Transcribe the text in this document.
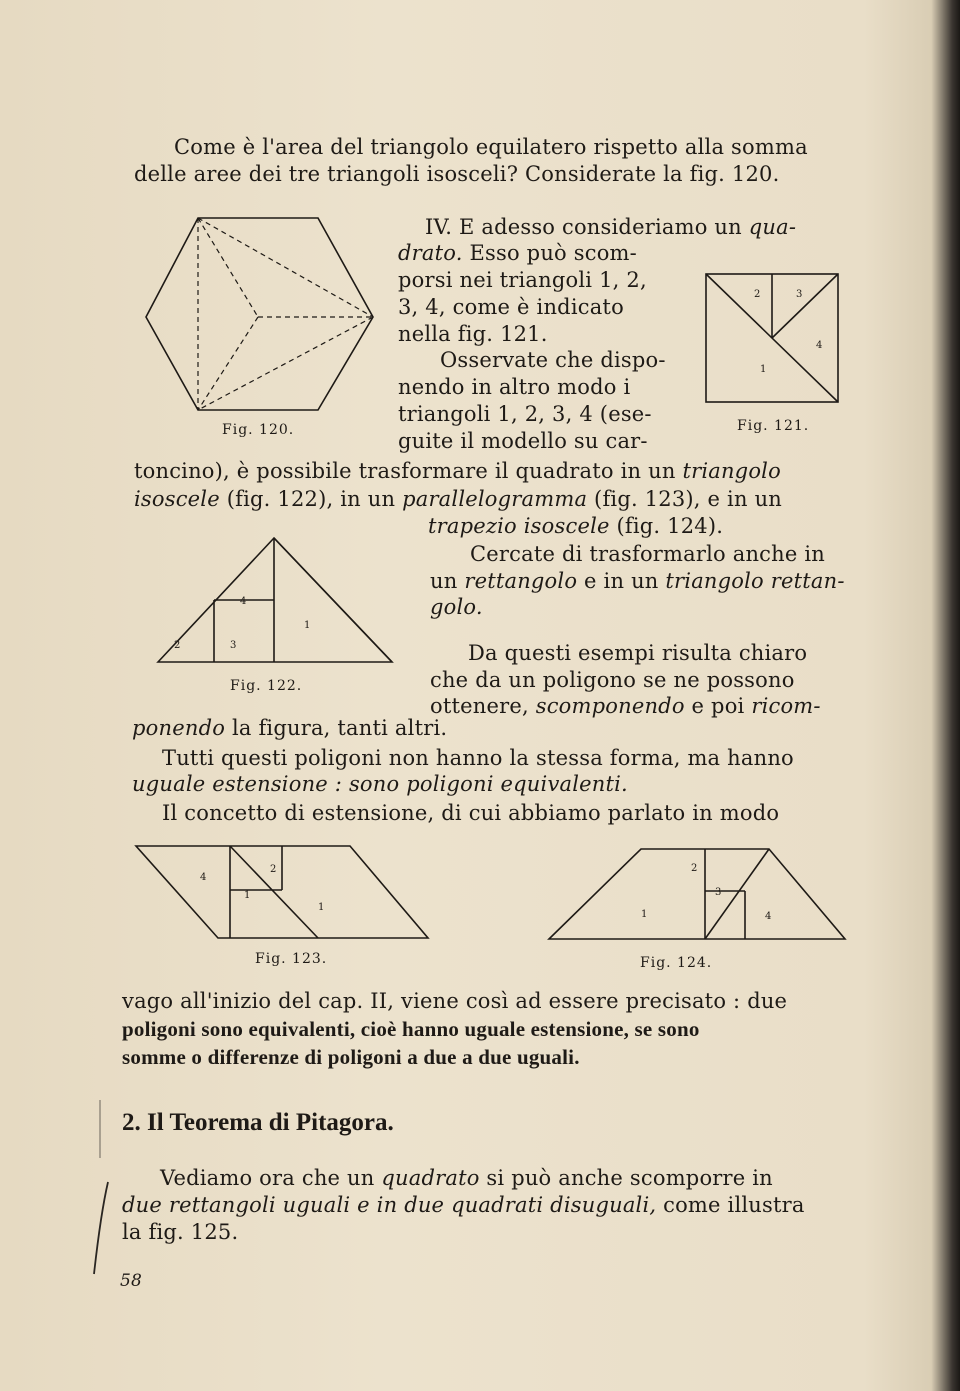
Come è l'area del triangolo equilatero rispetto alla somma
delle aree dei tre triangoli isosceli? Considerate la fig. 120.
Fig. 120.
IV. E adesso consideriamo un qua-
drato. Esso può scom-
porsi nei triangoli 1, 2,
3, 4, come è indicato
nella fig. 121.
Osservate che dispo-
nendo in altro modo i
triangoli 1, 2, 3, 4 (ese-
guite il modello su car-
2	3
4
1
Fig. 121.
toncino), è possibile trasformare il quadrato in un triangolo
isoscele (fig. 122), in un parallelogramma (fig. 123), e in un
4
1
2	3
Fig. 122.
trapezio isoscele (fig. 124).
Cercate di trasformarlo anche in
un rettangolo e in un triangolo rettan-
golo.
Da questi esempi risulta chiaro
che da un poligono se ne possono
ottenere, scomponendo e poi ricom-
ponendo la figura, tanti altri.
Tutti questi poligoni non hanno la stessa forma, ma hanno
uguale estensione : sono poligoni equivalenti.
Il concetto di estensione, di cui abbiamo parlato in modo
4
2
1
1
Fig. 123.
2
3
1	4
Fig. 124.
vago all'inizio del cap. II, viene così ad essere precisato : due
poligoni sono equivalenti, cioè hanno uguale estensione, se sono
somme o differenze di poligoni a due a due uguali.
2. Il Teorema di Pitagora.
Vediamo ora che un quadrato si può anche scomporre in
due rettangoli uguali e in due quadrati disuguali, come illustra
la fig. 125.
58
